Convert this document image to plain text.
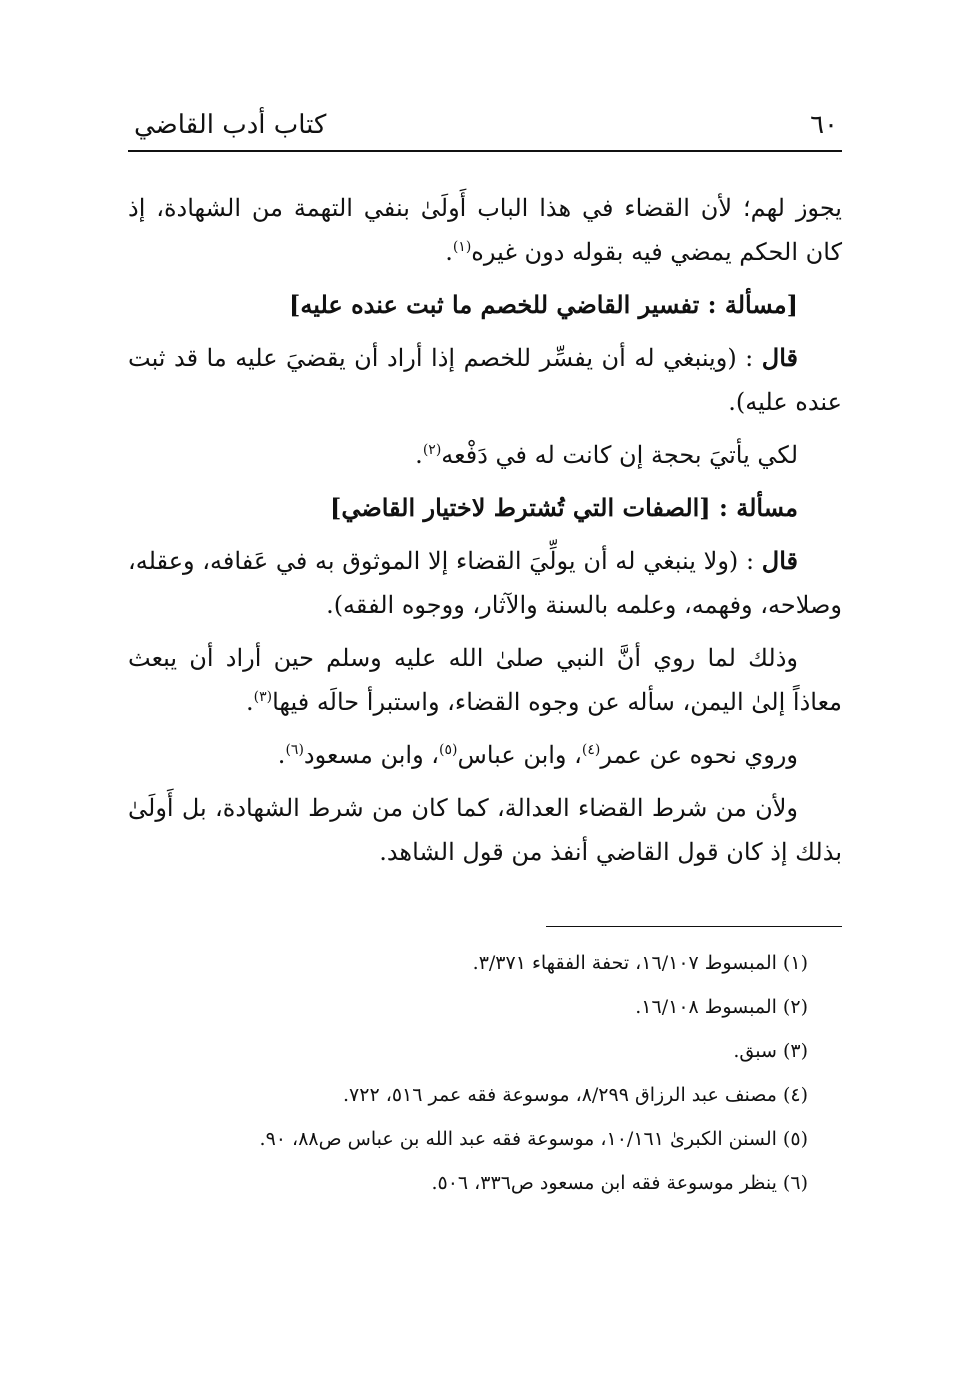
٦٠
كتاب أدب القاضي

يجوز لهم؛ لأن القضاء في هذا الباب أَولَىٰ بنفي التهمة من الشهادة، إذ كان الحكم يمضي فيه بقوله دون غيره$^{(١)}$.

[مسألة : تفسير القاضي للخصم ما ثبت عنده عليه]

قال : (وينبغي له أن يفسِّر للخصم إذا أراد أن يقضيَ عليه ما قد ثبت عنده عليه).

لكي يأتيَ بحجة إن كانت له في دَفْعه$^{(٢)}$.

مسألة : [الصفات التي تُشترط لاختيار القاضي]

قال : (ولا ينبغي له أن يولِّيَ القضاء إلا الموثوق به في عَفافه، وعقله، وصلاحه، وفهمه، وعلمه بالسنة والآثار، ووجوه الفقه).

وذلك لما روي أنَّ النبي صلىٰ الله عليه وسلم حين أراد أن يبعث معاذاً إلىٰ اليمن، سأله عن وجوه القضاء، واستبرأ حالَه فيها$^{(٣)}$.

وروي نحوه عن عمر$^{(٤)}$، وابن عباس$^{(٥)}$، وابن مسعود$^{(٦)}$.

ولأن من شرط القضاء العدالة، كما كان من شرط الشهادة، بل أَولَىٰ بذلك إذ كان قول القاضي أنفذ من قول الشاهد.

(١) المبسوط ١٦/١٠٧، تحفة الفقهاء ٣/٣٧١.

(٢) المبسوط ١٦/١٠٨.

(٣) سبق.

(٤) مصنف عبد الرزاق ٨/٢٩٩، موسوعة فقه عمر ٥١٦، ٧٢٢.

(٥) السنن الكبرىٰ ١٠/١٦١، موسوعة فقه عبد الله بن عباس ص٨٨، ٩٠.

(٦) ينظر موسوعة فقه ابن مسعود ص٣٣٦، ٥٠٦.
